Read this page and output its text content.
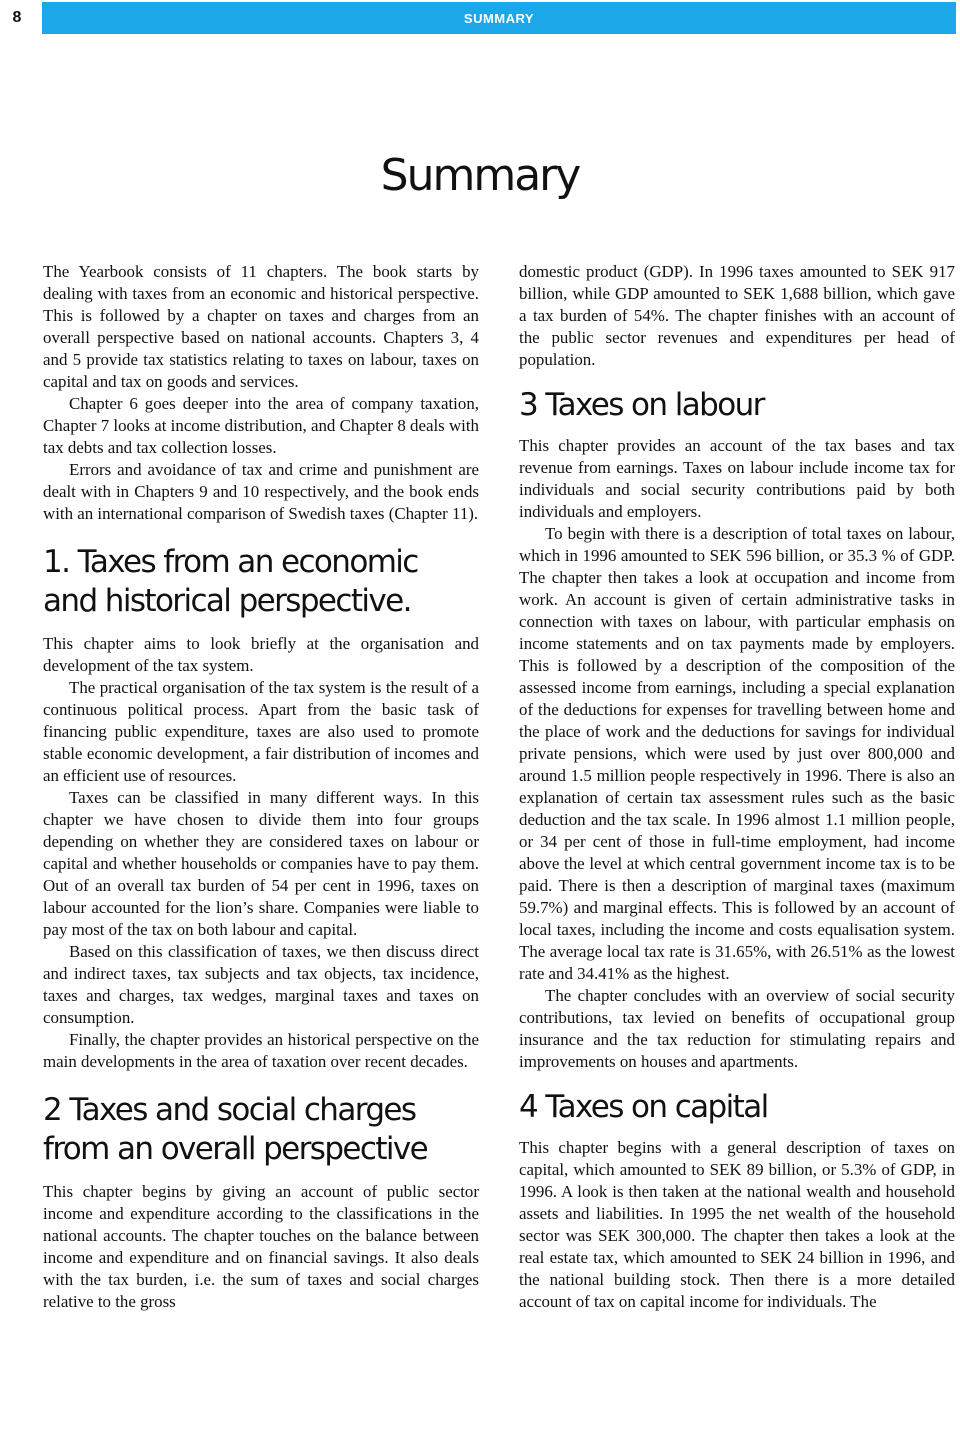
8	SUMMARY
Summary

The Yearbook consists of 11 chapters. The book starts by dealing with taxes from an economic and historical perspective. This is followed by a chapter on taxes and charges from an overall perspective based on national accounts. Chapters 3, 4 and 5 provide tax statistics relating to taxes on labour, taxes on capital and tax on goods and services.

Chapter 6 goes deeper into the area of company taxation, Chapter 7 looks at income distribution, and Chapter 8 deals with tax debts and tax collection losses.

Errors and avoidance of tax and crime and punishment are dealt with in Chapters 9 and 10 respectively, and the book ends with an international comparison of Swedish taxes (Chapter 11).

1. Taxes from an economic and historical perspective.

This chapter aims to look briefly at the organisation and development of the tax system.

The practical organisation of the tax system is the result of a continuous political process. Apart from the basic task of financing public expenditure, taxes are also used to promote stable economic development, a fair distribution of incomes and an efficient use of resources.

Taxes can be classified in many different ways. In this chapter we have chosen to divide them into four groups depending on whether they are considered taxes on labour or capital and whether households or companies have to pay them. Out of an overall tax burden of 54 per cent in 1996, taxes on labour accounted for the lion’s share. Companies were liable to pay most of the tax on both labour and capital.

Based on this classification of taxes, we then discuss direct and indirect taxes, tax subjects and tax objects, tax incidence, taxes and charges, tax wedges, marginal taxes and taxes on consumption.

Finally, the chapter provides an historical perspective on the main developments in the area of taxation over recent decades.

2 Taxes and social charges from an overall perspective

This chapter begins by giving an account of public sector income and expenditure according to the classifications in the national accounts. The chapter touches on the balance between income and expenditure and on financial savings. It also deals with the tax burden, i.e. the sum of taxes and social charges relative to the gross

domestic product (GDP). In 1996 taxes amounted to SEK 917 billion, while GDP amounted to SEK 1,688 billion, which gave a tax burden of 54%. The chapter finishes with an account of the public sector revenues and expenditures per head of population.

3 Taxes on labour

This chapter provides an account of the tax bases and tax revenue from earnings. Taxes on labour include income tax for individuals and social security contributions paid by both individuals and employers.

To begin with there is a description of total taxes on labour, which in 1996 amounted to SEK 596 billion, or 35.3 % of GDP. The chapter then takes a look at occupation and income from work. An account is given of certain administrative tasks in connection with taxes on labour, with particular emphasis on income statements and on tax payments made by employers. This is followed by a description of the composition of the assessed income from earnings, including a special explanation of the deductions for expenses for travelling between home and the place of work and the deductions for savings for individual private pensions, which were used by just over 800,000 and around 1.5 million people respectively in 1996. There is also an explanation of certain tax assessment rules such as the basic deduction and the tax scale. In 1996 almost 1.1 million people, or 34 per cent of those in full-time employment, had income above the level at which central government income tax is to be paid. There is then a description of marginal taxes (maximum 59.7%) and marginal effects. This is followed by an account of local taxes, including the income and costs equalisation system. The average local tax rate is 31.65%, with 26.51% as the lowest rate and 34.41% as the highest.

The chapter concludes with an overview of social security contributions, tax levied on benefits of occupational group insurance and the tax reduction for stimulating repairs and improvements on houses and apartments.

4 Taxes on capital

This chapter begins with a general description of taxes on capital, which amounted to SEK 89 billion, or 5.3% of GDP, in 1996. A look is then taken at the national wealth and household assets and liabilities. In 1995 the net wealth of the household sector was SEK 300,000. The chapter then takes a look at the real estate tax, which amounted to SEK 24 billion in 1996, and the national building stock. Then there is a more detailed account of tax on capital income for individuals. The
